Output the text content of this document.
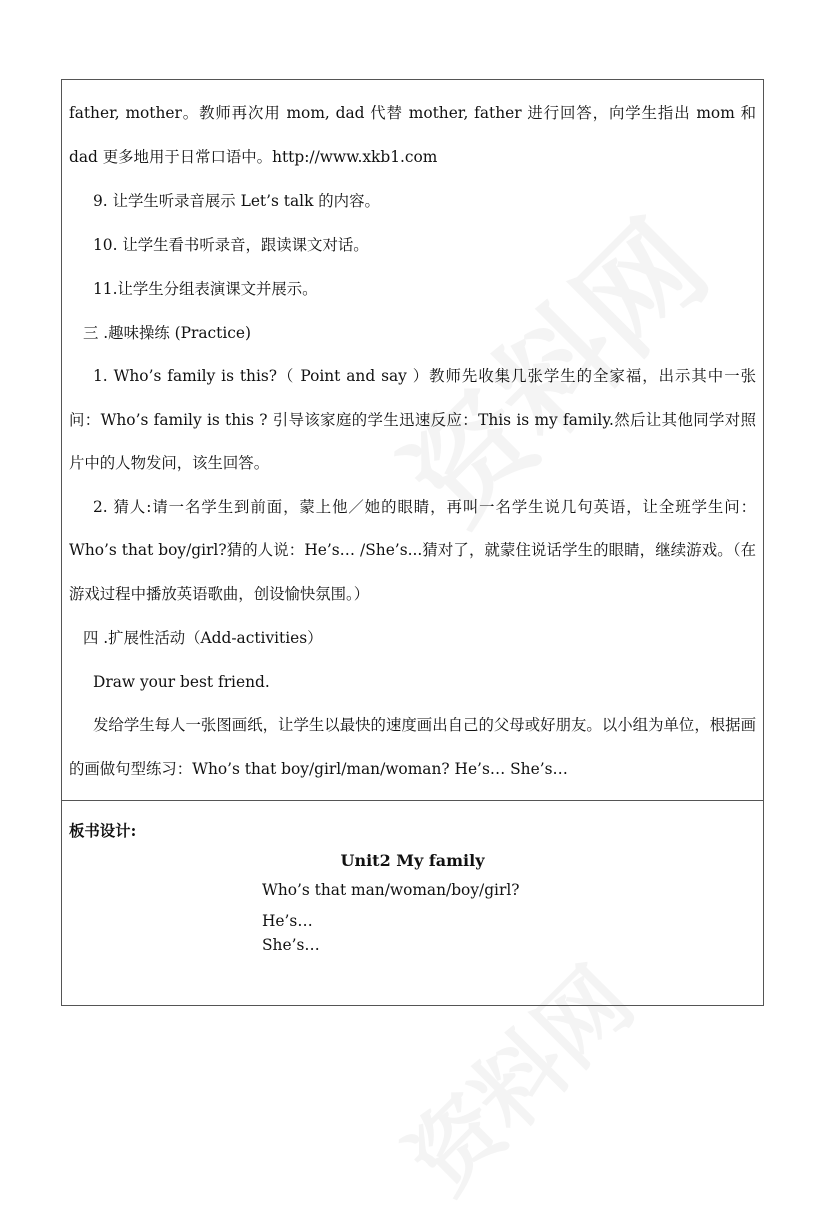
father, mother。教师再次用 mom, dad 代替 mother, father 进行回答，向学生指出 mom 和 dad 更多地用于日常口语中。http://www.xkb1.com

9. 让学生听录音展示 Let’s talk 的内容。

10. 让学生看书听录音，跟读课文对话。

11.让学生分组表演课文并展示。

三 .趣味操练 (Practice)

1. Who’s family is this?（ Point and say ）教师先收集几张学生的全家福，出示其中一张问：Who’s family is this ? 引导该家庭的学生迅速反应：This is my family.然后让其他同学对照片中的人物发问，该生回答。

2. 猜人:请一名学生到前面，蒙上他／她的眼睛，再叫一名学生说几句英语，让全班学生问：Who’s that boy/girl?猜的人说：He’s… /She’s...猜对了，就蒙住说话学生的眼睛，继续游戏。（在游戏过程中播放英语歌曲，创设愉快氛围。）

四 .扩展性活动（Add-activities）

Draw your best friend.

发给学生每人一张图画纸，让学生以最快的速度画出自己的父母或好朋友。以小组为单位，根据画的画做句型练习：Who’s that boy/girl/man/woman? He’s… She’s…

板书设计:
Unit2 My family
Who’s that man/woman/boy/girl?
He’s…
She’s…
